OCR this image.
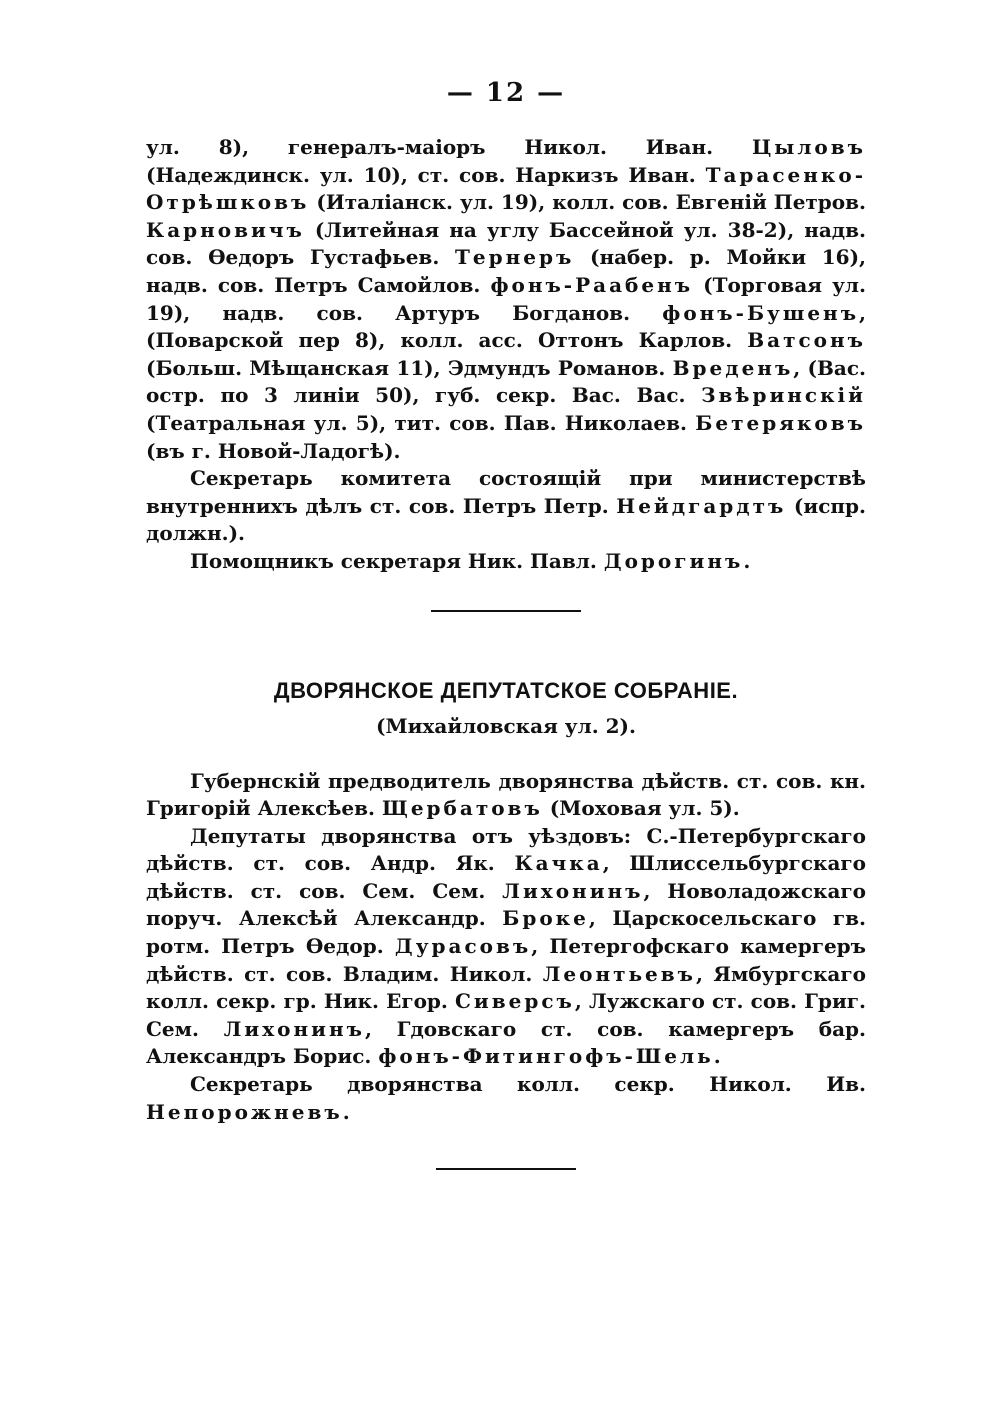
— 12 —

ул. 8), генералъ-маіоръ Никол. Иван. Цыловъ (Надеждинск. ул. 10), ст. сов. Наркизъ Иван. Тарасенко-Отрѣшковъ (Италіанск. ул. 19), колл. сов. Евгеній Петров. Карновичъ (Литейная на углу Бассейной ул. 38-2), надв. сов. Өедоръ Густафьев. Тернеръ (набер. р. Мойки 16), надв. сов. Петръ Самойлов. фонъ-Раабенъ (Торговая ул. 19), надв. сов. Артуръ Богданов. фонъ-Бушенъ, (Поварской пер 8), колл. асс. Оттонъ Карлов. Ватсонъ (Больш. Мѣщанская 11), Эдмундъ Романов. Вреденъ, (Вас. остр. по 3 линіи 50), губ. секр. Вас. Вас. Звѣринскій (Театральная ул. 5), тит. сов. Пав. Николаев. Бетеряковъ (въ г. Новой-Ладогѣ).

Секретарь комитета состоящій при министерствѣ внутреннихъ дѣлъ ст. сов. Петръ Петр. Нейдгардтъ (испр. должн.).

Помощникъ секретаря Ник. Павл. Дорогинъ.

ДВОРЯНСКОЕ ДЕПУТАТСКОЕ СОБРАНІЕ.
(Михайловская ул. 2).

Губернскій предводитель дворянства дѣйств. ст. сов. кн. Григорій Алексѣев. Щербатовъ (Моховая ул. 5).

Депутаты дворянства отъ уѣздовъ: С.-Петербургскаго дѣйств. ст. сов. Андр. Як. Качка, Шлиссельбургскаго дѣйств. ст. сов. Сем. Сем. Лихонинъ, Новоладожскаго поруч. Алексѣй Александр. Броке, Царскосельскаго гв. ротм. Петръ Өедор. Дурасовъ, Петергофскаго камергеръ дѣйств. ст. сов. Владим. Никол. Леонтьевъ, Ямбургскаго колл. секр. гр. Ник. Егор. Сиверсъ, Лужскаго ст. сов. Григ. Сем. Лихонинъ, Гдовскаго ст. сов. камергеръ бар. Александръ Борис. фонъ-Фитингофъ-Шель.

Секретарь дворянства колл. секр. Никол. Ив. Непорожневъ.
